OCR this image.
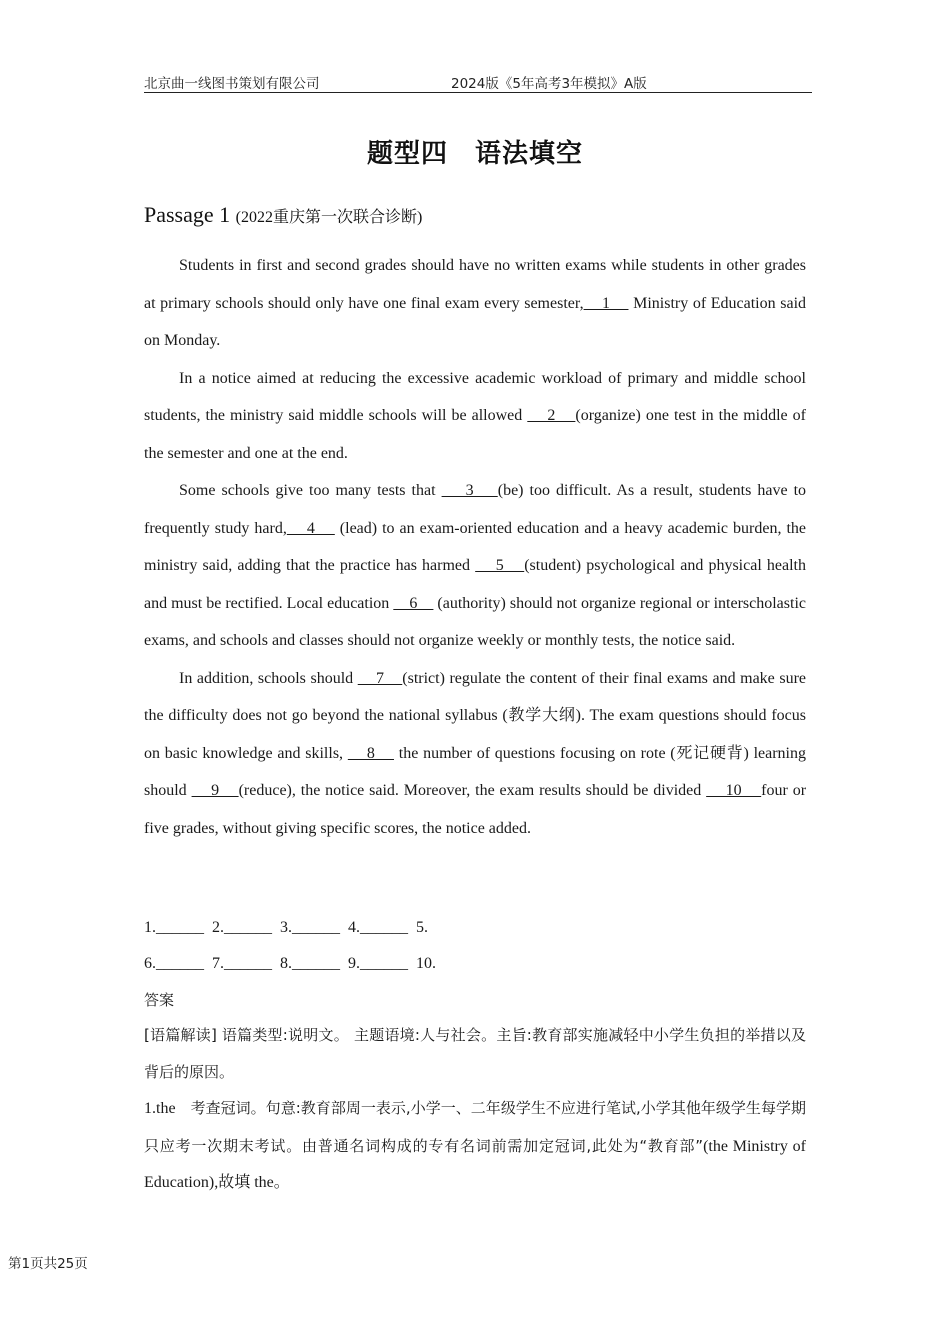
北京曲一线图书策划有限公司	2024版《5年高考3年模拟》A版
题型四　语法填空
Passage 1 (2022重庆第一次联合诊断)

Students in first and second grades should have no written exams while students in other grades at primary schools should only have one final exam every semester,    1     Ministry of Education said on Monday.

In a notice aimed at reducing the excessive academic workload of primary and middle school students, the ministry said middle schools will be allowed     2    (organize) one test in the middle of the semester and one at the end.

Some schools give too many tests that     3    (be) too difficult. As a result, students have to frequently study hard,    4     (lead) to an exam-oriented education and a heavy academic burden, the ministry said, adding that the practice has harmed     5    (student) psychological and physical health and must be rectified. Local education     6     (authority) should not organize regional or interscholastic exams, and schools and classes should not organize weekly or monthly tests, the notice said.

In addition, schools should     7    (strict) regulate the content of their final exams and make sure the difficulty does not go beyond the national syllabus (教学大纲). The exam questions should focus on basic knowledge and skills,     8     the number of questions focusing on rote (死记硬背) learning should     9    (reduce), the notice said. Moreover, the exam results should be divided     10    four or five grades, without giving specific scores, the notice added.

1.______  2.______  3.______  4.______  5.
6.______  7.______  8.______  9.______  10.
答案

[语篇解读] 语篇类型:说明文。 主题语境:人与社会。主旨:教育部实施减轻中小学生负担的举措以及背后的原因。

1.the　考查冠词。句意:教育部周一表示,小学一、二年级学生不应进行笔试,小学其他年级学生每学期只应考一次期末考试。由普通名词构成的专有名词前需加定冠词,此处为“教育部”(the Ministry of Education),故填 the。

第1页共25页
